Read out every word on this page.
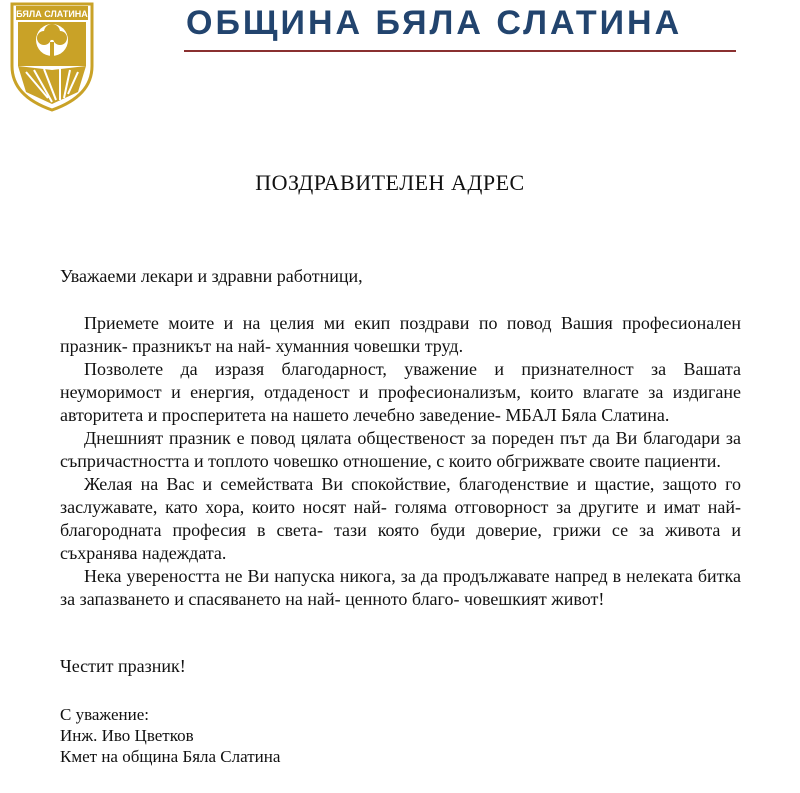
БЯЛА СЛАТИНА	ОБЩИНА БЯЛА СЛАТИНА
ПОЗДРАВИТЕЛЕН АДРЕС
Уважаеми лекари и здравни работници,

Приемете моите и на целия ми екип поздрави по повод Вашия професионален празник- празникът на най- хуманния човешки труд.

Позволете да изразя благодарност, уважение и признателност за Вашата неуморимост и енергия, отдаденост и професионализъм, които влагате за издигане авторитета и просперитета на нашето лечебно заведение- МБАЛ Бяла Слатина.

Днешният празник е повод цялата общественост за пореден път да Ви благодари за съпричастността и топлото човешко отношение, с които обгрижвате своите пациенти.

Желая на Вас и семействата Ви спокойствие, благоденствие и щастие, защото го заслужавате, като хора, които носят най- голяма отговорност за другите и имат най- благородната професия в света- тази която буди доверие, грижи се за живота и съхранява надеждата.

Нека увереността не Ви напуска никога, за да продължавате напред в нелеката битка за запазването и спасяването на най- ценното благо- човешкият живот!

Честит празник!
С уважение:
Инж. Иво Цветков
Кмет на община Бяла Слатина
